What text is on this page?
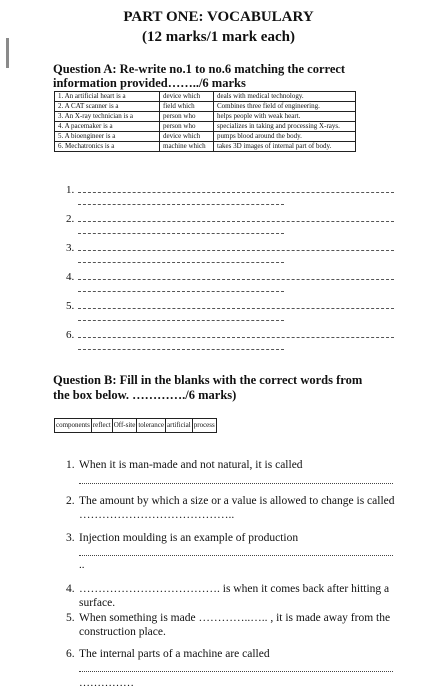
PART ONE: VOCABULARY
(12 marks/1 mark each)
Question A: Re-write no.1 to no.6 matching the correct
information provided……../6 marks
1. An artificial heart is a	device which	deals with medical technology.
2. A CAT scanner is a	field which	Combines three field of engineering.
3. An X-ray technician is a	person who	helps people with weak heart.
4. A pacemaker is a	person who	specializes in taking and processing X-rays.
5. A bioengineer is a	device which	pumps blood around the body.
6. Mechatronics is a	machine which	takes 3D images of internal part of body.
1.
2.
3.
4.
5.
6.
Question B: Fill in the blanks with the correct words from
the box below. …………./6 marks)
components	reflect	Off-site	tolerance	artificial	process
1. When it is man-made and not natural, it is called
2. The amount by which a size or a value is allowed to change is called …………………………………..
3. Injection moulding is an example of production
..
4. ………………………………. is when it comes back after hitting a surface.
5. When something is made …………..….. , it is made away from the construction place.
6. The internal parts of a machine are called
……………
